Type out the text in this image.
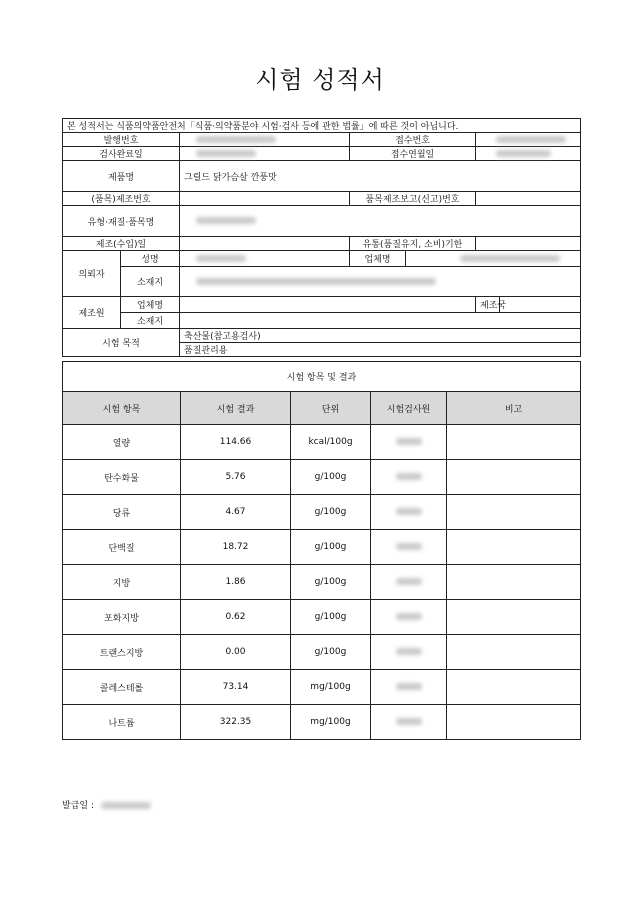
시험 성적서
본 성적서는 식품의약품안전처「식품·의약품분야 시험·검사 등에 관한 법률」에 따른 것이 아닙니다.						
발행번호			접수번호			
검사완료일			접수연월일			
제품명		그릴드 닭가슴살 깐풍맛				
(품목)제조번호			품목제조보고(신고)번호			
유형·재질·품목명						
제조(수입)일			유통(품질유지, 소비)기한			
의뢰자	성명		업체명			
	소재지					
제조원	업체명				제조국	
	소재지					
시험 목적		축산물(참고용검사)				
		품질관리용				
시험 항목 및 결과				
시험 항목	시험 결과	단위	시험검사원	비고
열량	114.66	kcal/100g		
탄수화물	5.76	g/100g		
당류	4.67	g/100g		
단백질	18.72	g/100g		
지방	1.86	g/100g		
포화지방	0.62	g/100g		
트랜스지방	0.00	g/100g		
콜레스테롤	73.14	mg/100g		
나트륨	322.35	mg/100g		
발급일 :
